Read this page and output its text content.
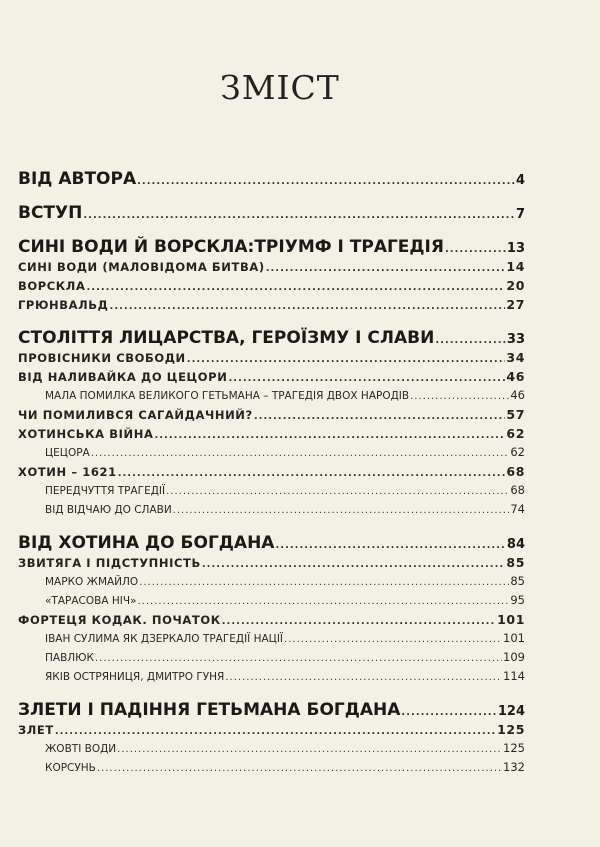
ЗМІСТ
ВІД АВТОРА .....	4
ВСТУП .....	7
СИНІ ВОДИ Й ВОРСКЛА:ТРІУМФ І ТРАГЕДІЯ .....	13
СИНІ ВОДИ (МАЛОВІДОМА БИТВА) .....	14
ВОРСКЛА .....	20
ГРЮНВАЛЬД .....	27
СТОЛІТТЯ ЛИЦАРСТВА, ГЕРОЇЗМУ І СЛАВИ .....	33
ПРОВІСНИКИ СВОБОДИ .....	34
ВІД НАЛИВАЙКА ДО ЦЕЦОРИ .....	46
МАЛА ПОМИЛКА ВЕЛИКОГО ГЕТЬМАНА – ТРАГЕДІЯ ДВОХ НАРОДІВ .....	46
ЧИ ПОМИЛИВСЯ САГАЙДАЧНИЙ? .....	57
ХОТИНСЬКА ВІЙНА .....	62
ЦЕЦОРА .....	62
ХОТИН – 1621 .....	68
ПЕРЕДЧУТТЯ ТРАГЕДІЇ .....	68
ВІД ВІДЧАЮ ДО СЛАВИ .....	74
ВІД ХОТИНА ДО БОГДАНА .....	84
ЗВИТЯГА І ПІДСТУПНІСТЬ .....	85
МАРКО ЖМАЙЛО .....	85
«ТАРАСОВА НІЧ» .....	95
ФОРТЕЦЯ КОДАК. ПОЧАТОК .....	101
ІВАН СУЛИМА ЯК ДЗЕРКАЛО ТРАГЕДІЇ НАЦІЇ .....	101
ПАВЛЮК .....	109
ЯКІВ ОСТРЯНИЦЯ, ДМИТРО ГУНЯ .....	114
ЗЛЕТИ І ПАДІННЯ ГЕТЬМАНА БОГДАНА .....	124
ЗЛЕТ .....	125
ЖОВТІ ВОДИ .....	125
КОРСУНЬ .....	132
